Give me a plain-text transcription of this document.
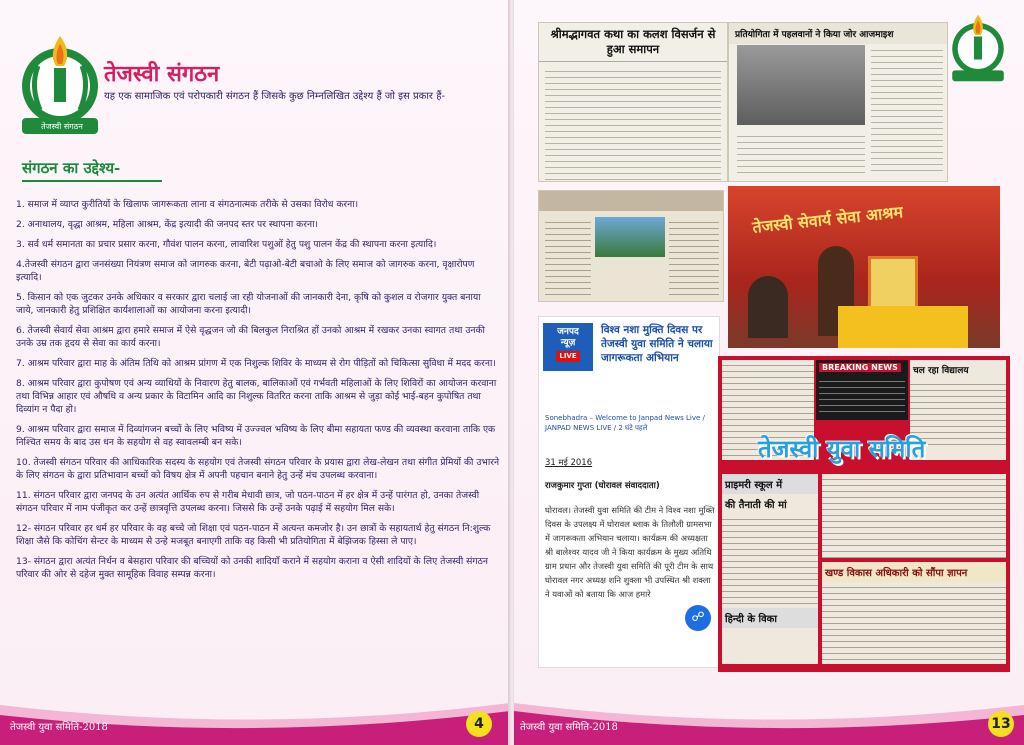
तेजस्वी संगठन
तेजस्वी संगठन
यह एक सामाजिक एवं परोपकारी संगठन हैं जिसके कुछ निम्नलिखित उद्देश्य हैं जो इस प्रकार हैं-
संगठन का उद्देश्य-
1. समाज में व्याप्त कुरीतियों के खिलाफ जागरूकता लाना व संगठनात्मक तरीके से उसका विरोध करना।
2. अनाथालय, वृद्धा आश्रम, महिला आश्रम, केंद्र इत्यादी की जनपद स्तर पर स्थापना करना।
3. सर्व धर्म समानता का प्रचार प्रसार करना, गौवंश पालन करना, लावारिश पशुओं हेतु पशु पालन केंद्र की स्थापना करना इत्यादि।
4.तेजस्वी संगठन द्वारा जनसंख्या नियंत्रण समाज को जागरुक करना, बेटी पढ़ाओ-बेटी बचाओ के लिए समाज को जागरुक करना, वृक्षारोपण इत्यादि।
5. किसान को एक जुटकर उनके अधिकार व सरकार द्वारा चलाई जा रही योजनाओं की जानकारी देना, कृषि को कुशल व रोजगार युक्त बनाया जाये, जानकारी हेतु प्रशिक्षित कार्यशालाओं का आयोजना करना इत्यादी।
6. तेजस्वी सेवार्य सेवा आश्रम द्वारा हमारे समाज में ऐसे वृद्धजन जो की बिलकुल निराश्रित हों उनको आश्रम में रखकर उनका स्वागत तथा उनकी उनके उम्र तक हृदय से सेवा का कार्य करना।
7. आश्रम परिवार द्वारा माह के अंतिम तिथि को आश्रम प्रांगण में एक निशुल्क शिविर के माध्यम से रोग पीड़ितों को चिकित्सा सुविधा में मदद करना।
8. आश्रम परिवार द्वारा कुपोषण एवं अन्य व्याधियों के निवारण हेतु बालक, बालिकाओं एवं गर्भवती महिलाओं के लिए शिविरों का आयोजन करवाना तथा विभिन्न आहार एवं औषधि व अन्य प्रकार के विटामिन आदि का निशुल्क वितरित करना ताकि आश्रम से जुड़ा कोई भाई-बहन कुपोषित तथा दिव्यांग न पैदा हो।
9. आश्रम परिवार द्वारा समाज में दिव्यांगजन बच्चों के लिए भविष्य में उज्ज्वल भविष्य के लिए बीमा सहायता फण्ड की व्यवस्था करवाना ताकि एक निश्चित समय के बाद उस धन के सहयोग से वह स्वावलम्बी बन सके।
10. तेजस्वी संगठन परिवार की आधिकारिक सदस्य के सहयोग एवं तेजस्वी संगठन परिवार के प्रयास द्वारा लेख-लेखन तथा संगीत प्रेमियों की उभारने के लिए संगठन के द्वारा प्रतिभावान बच्चों को विषय क्षेत्र में अपनी पहचान बनाने हेतु उन्हें मंच उपलब्ध करवाना।
11. संगठन परिवार द्वारा जनपद के उन अत्यंत आर्थिक रुप से गरीब मेधावी छात्र, जो पठन-पाठन में हर क्षेत्र में उन्हें पारंगत हो, उनका तेजस्वी संगठन परिवार में नाम पंजीकृत कर उन्हें छात्रवृत्ति उपलब्ध करना। जिससे कि उन्हें उनके पढ़ाई में सहयोग मिल सके।
12- संगठन परिवार हर धर्म हर परिवार के वह बच्चे जो शिक्षा एवं पठन-पाठन में अत्यन्त कमजोर है। उन छात्रों के सहायतार्थ हेतु संगठन नि:शुल्क शिक्षा जैसे कि कोचिंग सेन्टर के माध्यम से उन्हे मजबूत बनाएगी ताकि वह किसी भी प्रतियोगिता में बेझिजक हिस्सा ले पाए।
13- संगठन द्वारा अत्यंत निर्धन व बेसहारा परिवार की बच्चियों को उनकी शादियाँ कराने में सहयोग कराना व ऐसी शादियों के लिए तेजस्वी संगठन परिवार की ओर से दहेज मुक्त सामूहिक विवाह सम्पन्न करना।
तेजस्वी युवा समिति-2018	4
श्रीमद्भागवत कथा का कलश विसर्जन से हुआ समापन
प्रतियोगिता में पहलवानों ने किया जोर आजमाइश
तेजस्वी सेवार्य सेवा आश्रम
जनपद
न्यूज़
LIVE
विश्व नशा मुक्ति दिवस पर तेजस्वी युवा समिति ने चलाया जागरूकता अभियान
Sonebhadra – Welcome to Janpad News Live / JANPAD NEWS LIVE / 2 घंटे पहले
31 मई 2016
राजकुमार गुप्ता (घोरावल संवाददाता)
घोरावल। तेजस्वी युवा समिति की टीम ने विश्व नशा मुक्ति दिवस के उपलक्ष्य में घोरावल ब्लाक के तिलौली ग्रामसभा में जागरूकता अभियान चलाया। कार्यक्रम की अध्यक्षता श्री बालेश्वर यादव जी ने किया कार्यक्रम के मुख्य अतिथि ग्राम प्रधान और तेजस्वी युवा समिति की पूरी टीम के साथ घोरावल नगर अध्यक्ष शनि शुक्ला भी उपस्थित श्री शक्ला ने यवाओं को बताया कि आज हमारे
☍
BREAKING NEWS	चल रहा विद्यालय
तेजस्वी युवा समिति
प्राइमरी स्कूल में
की तैनाती की मां
हिन्दी के विका
खण्ड विकास अधिकारी को सौंपा ज्ञापन
तेजस्वी युवा समिति-2018	13
